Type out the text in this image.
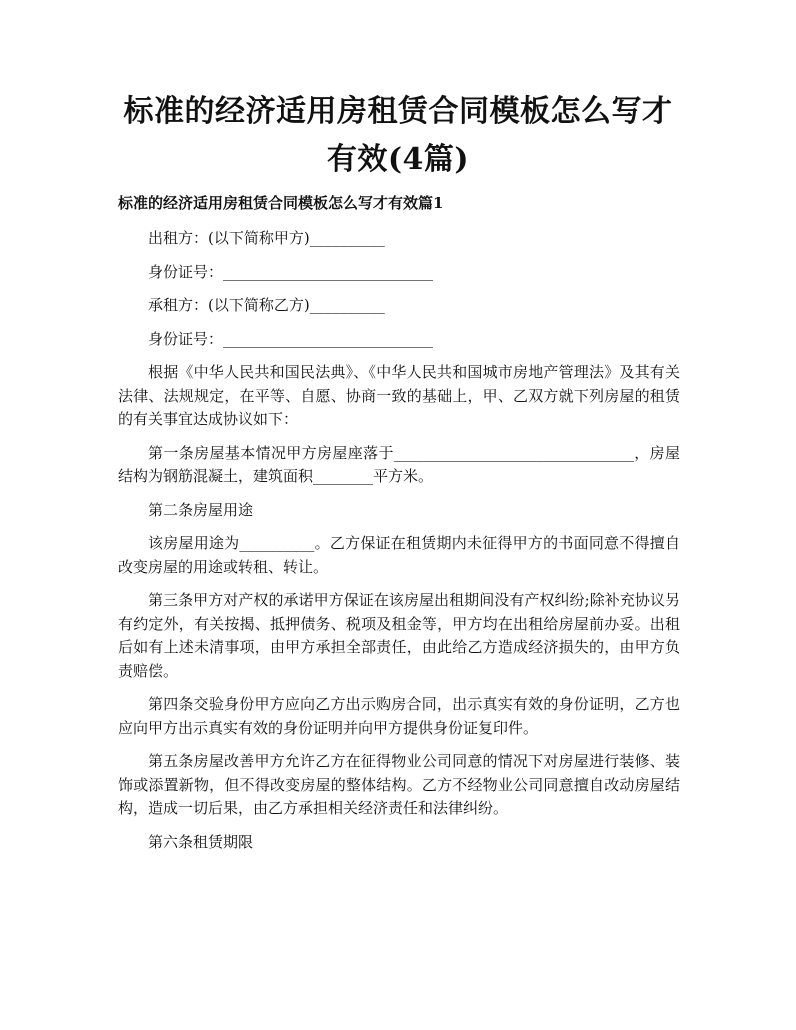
标准的经济适用房租赁合同模板怎么写才有效(4篇)
标准的经济适用房租赁合同模板怎么写才有效篇1

出租方：(以下简称甲方)__________

身份证号：____________________________

承租方：(以下简称乙方)__________

身份证号：____________________________

根据《中华人民共和国民法典》、《中华人民共和国城市房地产管理法》及其有关法律、法规规定，在平等、自愿、协商一致的基础上，甲、乙双方就下列房屋的租赁的有关事宜达成协议如下：

第一条房屋基本情况甲方房屋座落于________________________________，房屋结构为钢筋混凝土，建筑面积________平方米。

第二条房屋用途

该房屋用途为__________。乙方保证在租赁期内未征得甲方的书面同意不得擅自改变房屋的用途或转租、转让。

第三条甲方对产权的承诺甲方保证在该房屋出租期间没有产权纠纷;除补充协议另有约定外，有关按揭、抵押债务、税项及租金等，甲方均在出租给房屋前办妥。出租后如有上述未清事项，由甲方承担全部责任，由此给乙方造成经济损失的，由甲方负责赔偿。

第四条交验身份甲方应向乙方出示购房合同，出示真实有效的身份证明，乙方也应向甲方出示真实有效的身份证明并向甲方提供身份证复印件。

第五条房屋改善甲方允许乙方在征得物业公司同意的情况下对房屋进行装修、装饰或添置新物，但不得改变房屋的整体结构。乙方不经物业公司同意擅自改动房屋结构，造成一切后果，由乙方承担相关经济责任和法律纠纷。

第六条租赁期限
